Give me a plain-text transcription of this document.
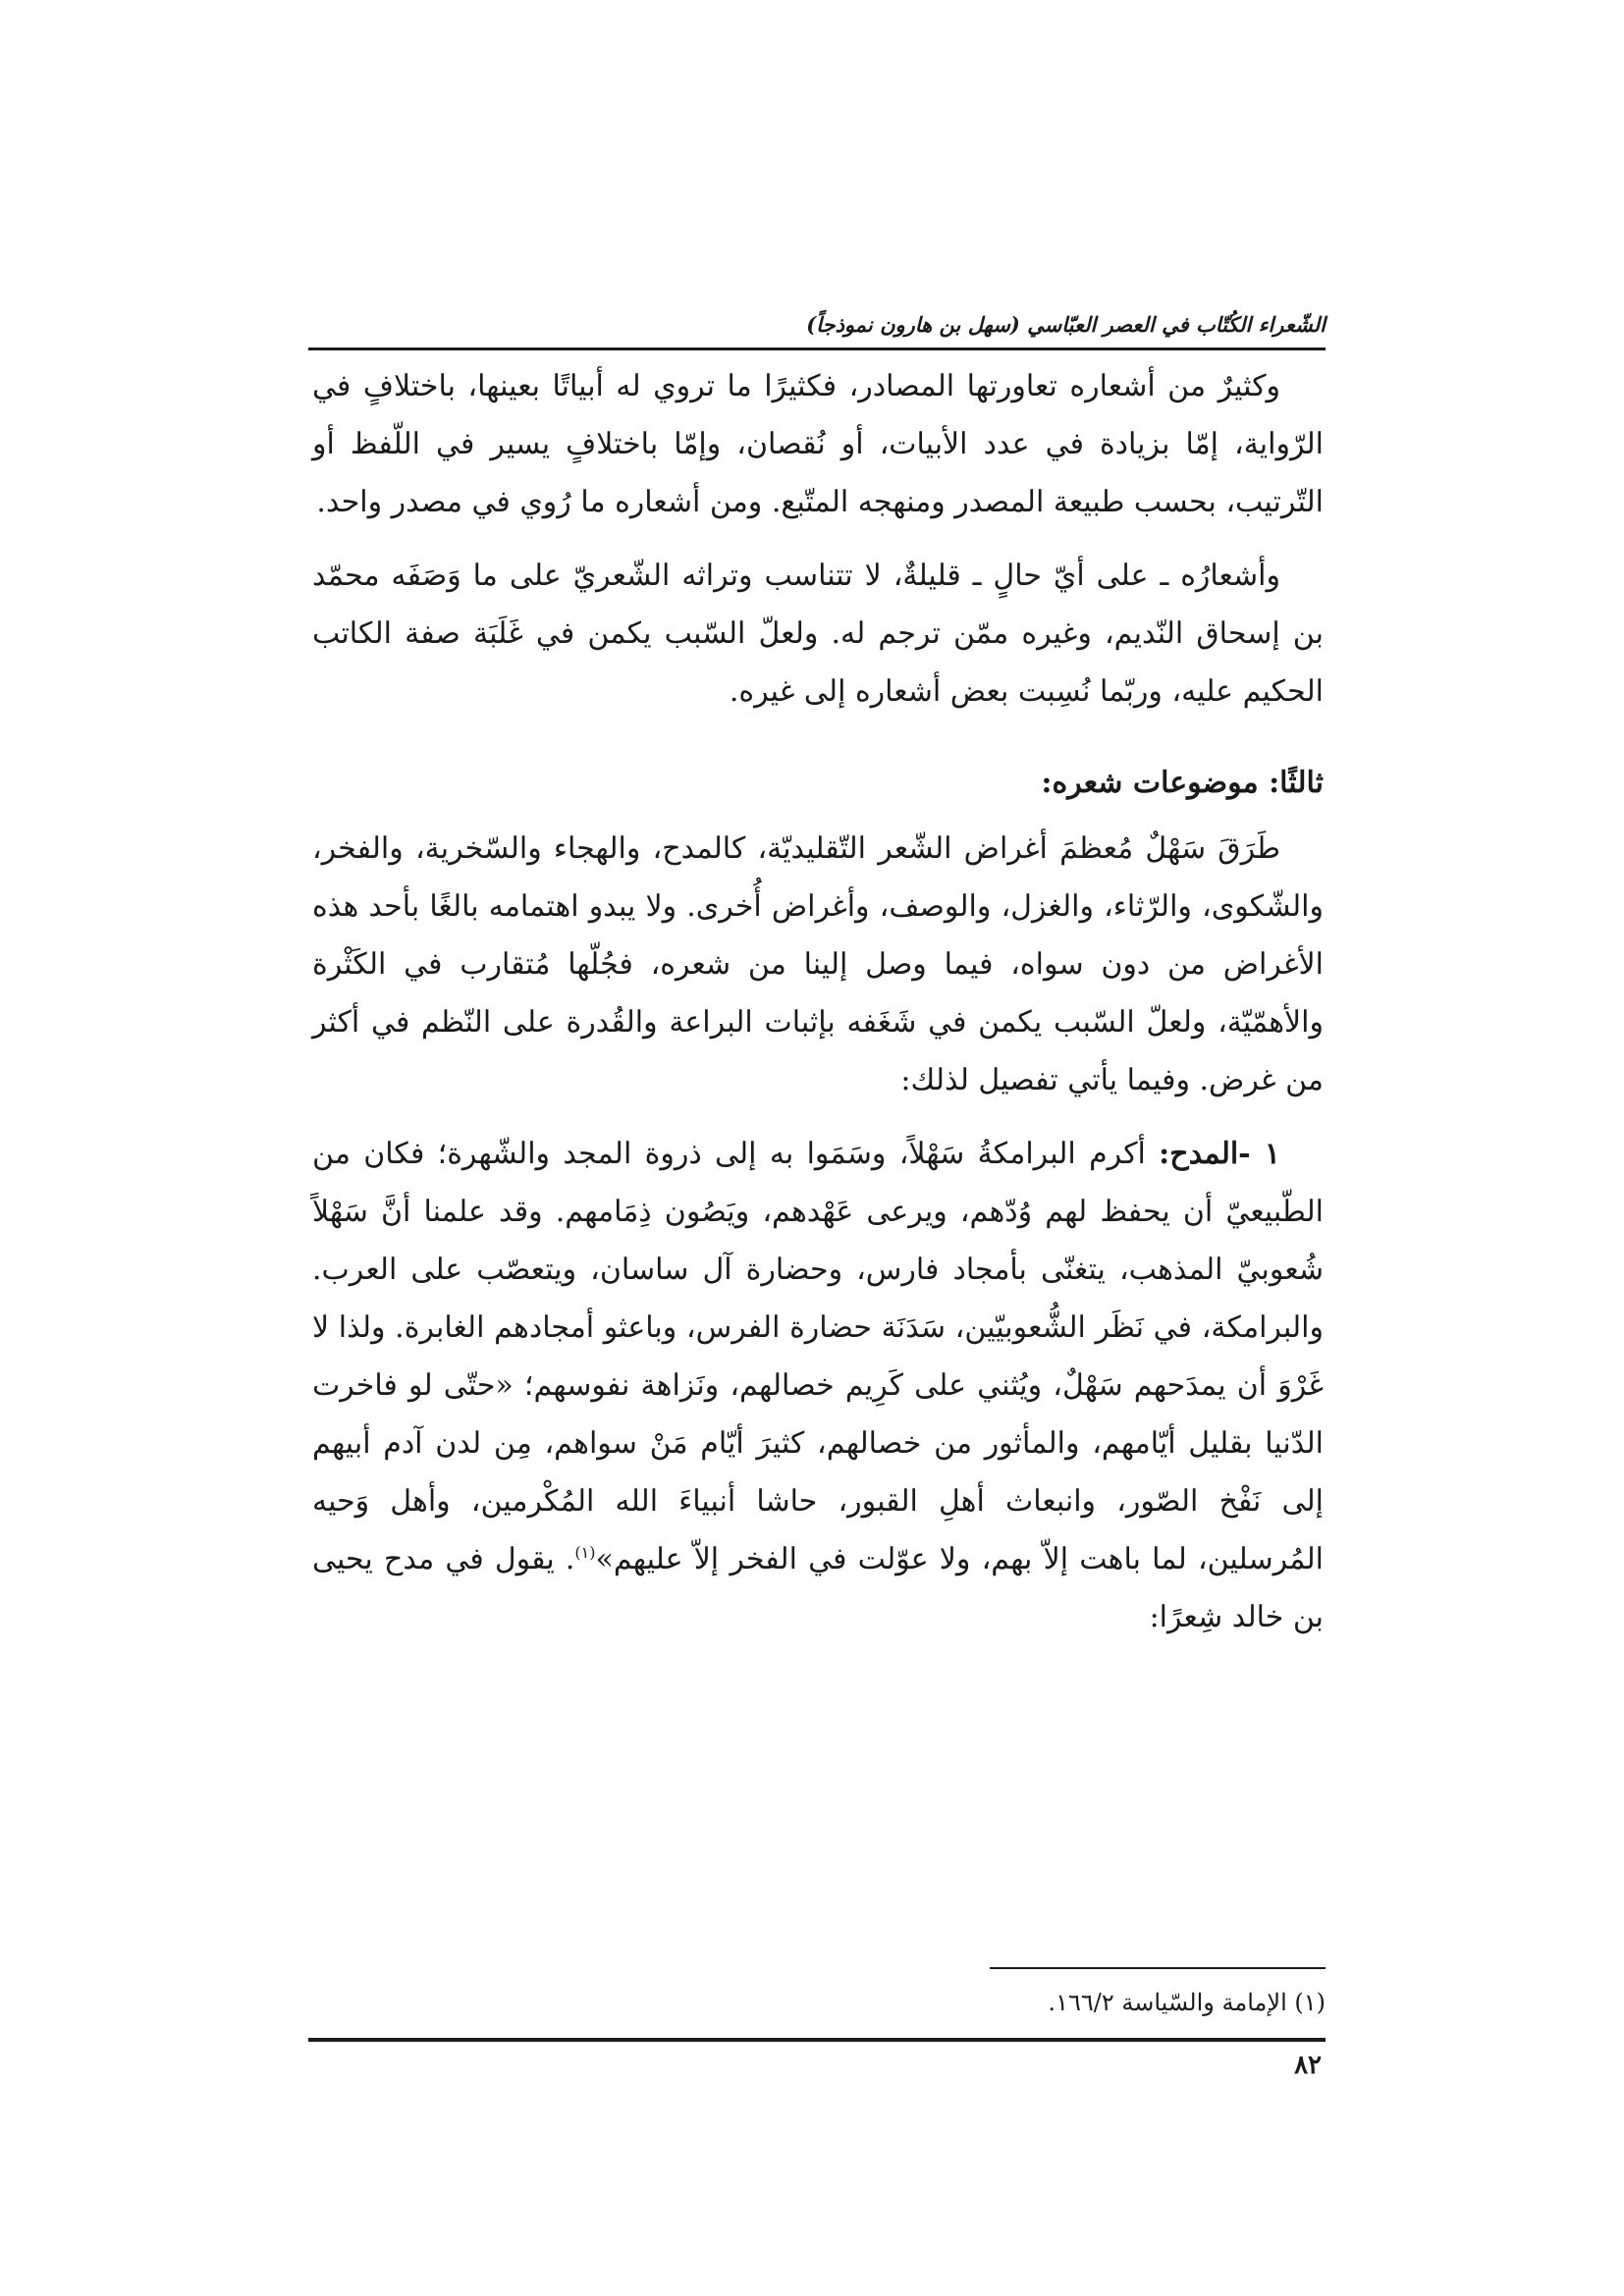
الشّعراء الكُتّاب في العصر العبّاسي (سهل بن هارون نموذجاً)

وكثيرٌ من أشعاره تعاورتها المصادر، فكثيرًا ما تروي له أبياتًا بعينها، باختلافٍ في الرّواية، إمّا بزيادة في عدد الأبيات، أو نُقصان، وإمّا باختلافٍ يسير في اللّفظ أو التّرتيب، بحسب طبيعة المصدر ومنهجه المتّبع. ومن أشعاره ما رُوي في مصدر واحد.

وأشعارُه ـ على أيّ حالٍ ـ قليلةٌ، لا تتناسب وتراثه الشّعريّ على ما وَصَفَه محمّد بن إسحاق النّديم، وغيره ممّن ترجم له. ولعلّ السّبب يكمن في غَلَبَة صفة الكاتب الحكيم عليه، وربّما نُسِبت بعض أشعاره إلى غيره.

ثالثًا: موضوعات شعره:

طَرَقَ سَهْلٌ مُعظمَ أغراض الشّعر التّقليديّة، كالمدح، والهجاء والسّخرية، والفخر، والشّكوى، والرّثاء، والغزل، والوصف، وأغراض أُخرى. ولا يبدو اهتمامه بالغًا بأحد هذه الأغراض من دون سواه، فيما وصل إلينا من شعره، فجُلّها مُتقارب في الكَثْرة والأهمّيّة، ولعلّ السّبب يكمن في شَغَفه بإثبات البراعة والقُدرة على النّظم في أكثر من غرض. وفيما يأتي تفصيل لذلك:

١ -المدح: أكرم البرامكةُ سَهْلاً، وسَمَوا به إلى ذروة المجد والشّهرة؛ فكان من الطّبيعيّ أن يحفظ لهم وُدّهم، ويرعى عَهْدهم، ويَصُون ذِمَامهم. وقد علمنا أنَّ سَهْلاً شُعوبيّ المذهب، يتغنّى بأمجاد فارس، وحضارة آل ساسان، ويتعصّب على العرب. والبرامكة، في نَظَر الشُّعوبيّين، سَدَنَة حضارة الفرس، وباعثو أمجادهم الغابرة. ولذا لا غَرْوَ أن يمدَحهم سَهْلٌ، ويُثني على كَرِيم خصالهم، ونَزاهة نفوسهم؛ «حتّى لو فاخرت الدّنيا بقليل أيّامهم، والمأثور من خصالهم، كثيرَ أيّام مَنْ سواهم، مِن لدن آدم أبيهم إلى نَفْخ الصّور، وانبعاث أهلِ القبور، حاشا أنبياءَ الله المُكْرمين، وأهل وَحيه المُرسلين، لما باهت إلاّ بهم، ولا عوّلت في الفخر إلاّ عليهم»$^{(١)}$. يقول في مدح يحيى بن خالد شِعرًا:

(١) الإمامة والسّياسة ١٦٦/٢.
٨٢
